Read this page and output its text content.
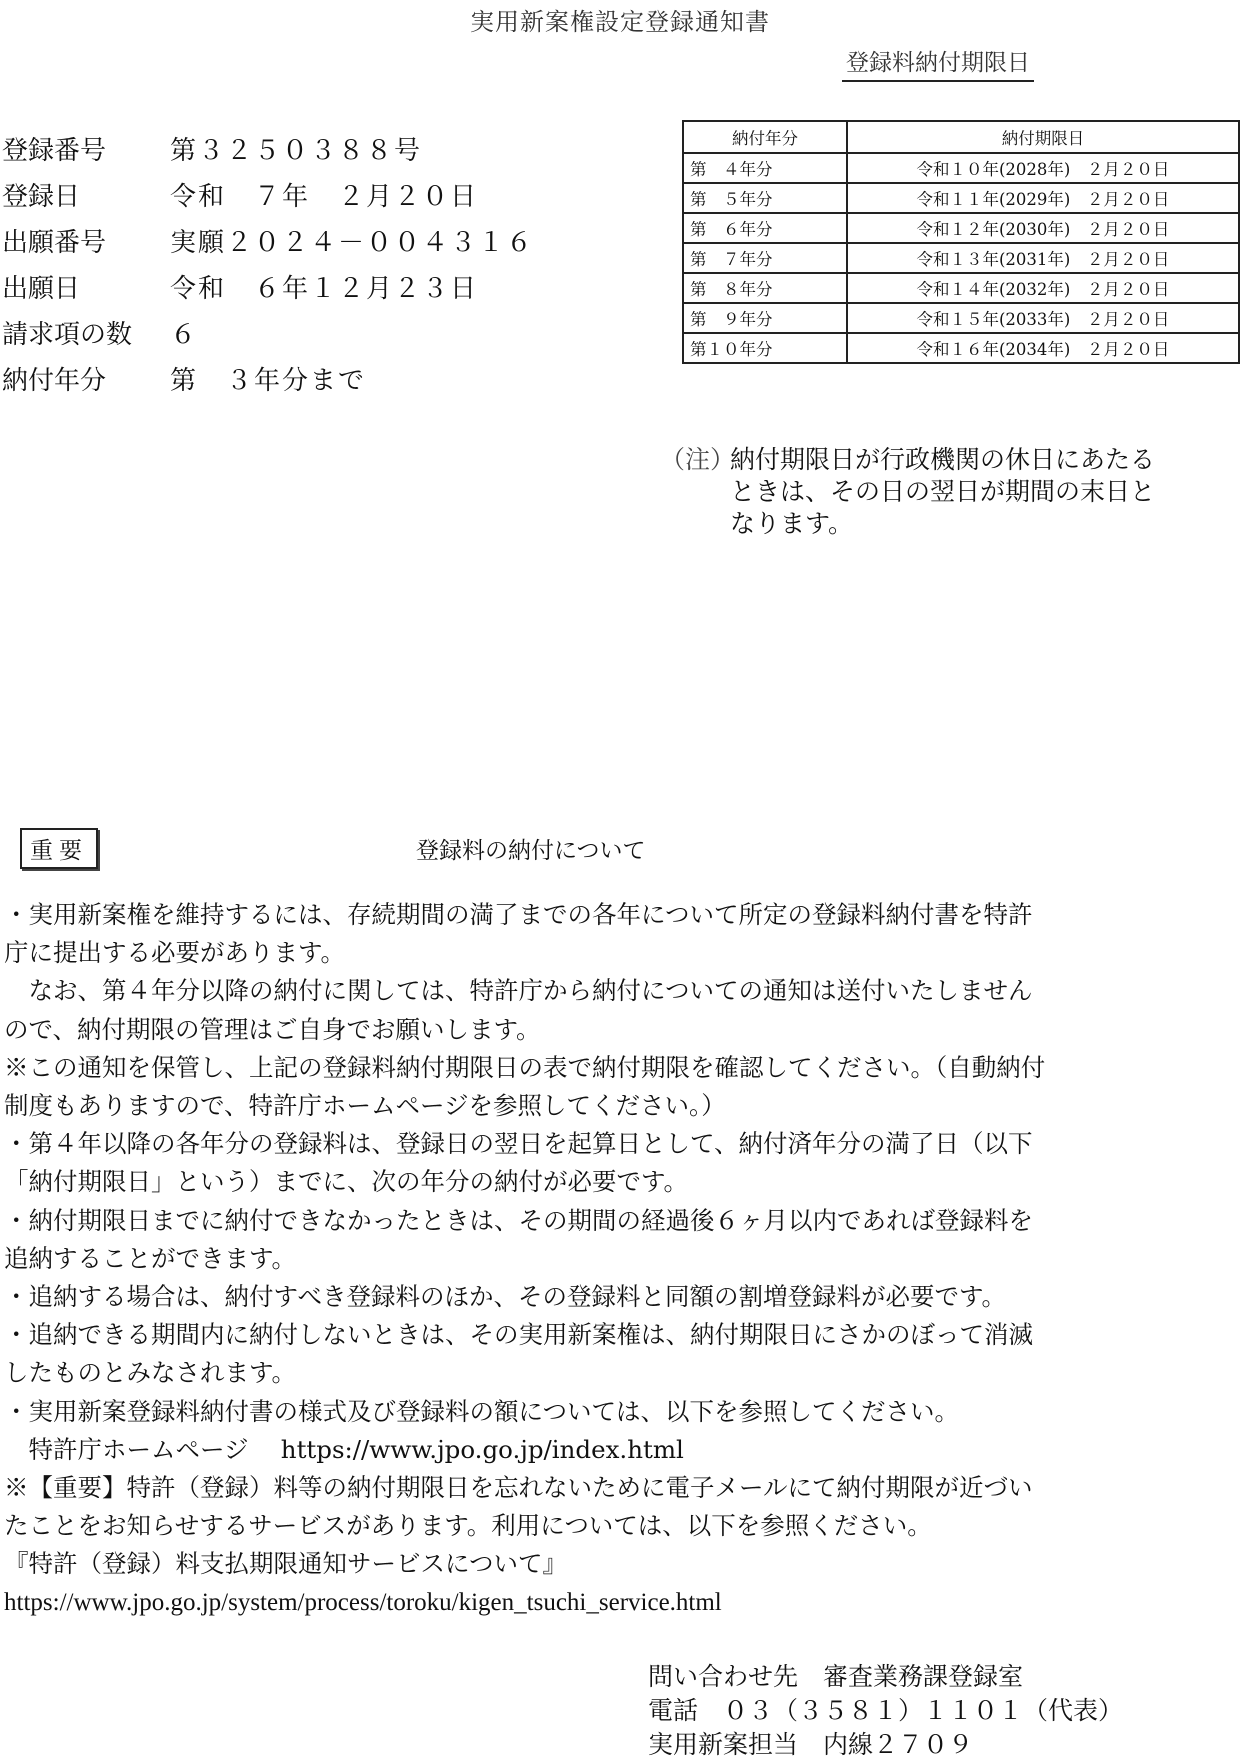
実用新案権設定登録通知書
登録料納付期限日
登録番号	第３２５０３８８号
登録日	令和　７年　２月２０日
出願番号	実願２０２４－００４３１６
出願日	令和　６年１２月２３日
請求項の数	６
納付年分	第　３年分まで
納付年分	納付期限日
第　４年分	令和１０年(2028年)　２月２０日
第　５年分	令和１１年(2029年)　２月２０日
第　６年分	令和１２年(2030年)　２月２０日
第　７年分	令和１３年(2031年)　２月２０日
第　８年分	令和１４年(2032年)　２月２０日
第　９年分	令和１５年(2033年)　２月２０日
第１０年分	令和１６年(2034年)　２月２０日
（注）
納付期限日が行政機関の休日にあたる
ときは、その日の翌日が期間の末日と
なります。
重要	登録料の納付について
・実用新案権を維持するには、存続期間の満了までの各年について所定の登録料納付書を特許
庁に提出する必要があります。
　なお、第４年分以降の納付に関しては、特許庁から納付についての通知は送付いたしません
ので、納付期限の管理はご自身でお願いします。
※この通知を保管し、上記の登録料納付期限日の表で納付期限を確認してください。（自動納付
制度もありますので、特許庁ホームページを参照してください。）
・第４年以降の各年分の登録料は、登録日の翌日を起算日として、納付済年分の満了日（以下
「納付期限日」という）までに、次の年分の納付が必要です。
・納付期限日までに納付できなかったときは、その期間の経過後６ヶ月以内であれば登録料を
追納することができます。
・追納する場合は、納付すべき登録料のほか、その登録料と同額の割増登録料が必要です。
・追納できる期間内に納付しないときは、その実用新案権は、納付期限日にさかのぼって消滅
したものとみなされます。
・実用新案登録料納付書の様式及び登録料の額については、以下を参照してください。
　特許庁ホームページ　 https://www.jpo.go.jp/index.html
※【重要】特許（登録）料等の納付期限日を忘れないために電子メールにて納付期限が近づい
たことをお知らせするサービスがあります。利用については、以下を参照ください。
『特許（登録）料支払期限通知サービスについて』
https://www.jpo.go.jp/system/process/toroku/kigen_tsuchi_service.html
問い合わせ先　審査業務課登録室
電話　０３（３５８１）１１０１（代表）
実用新案担当　内線２７０９
